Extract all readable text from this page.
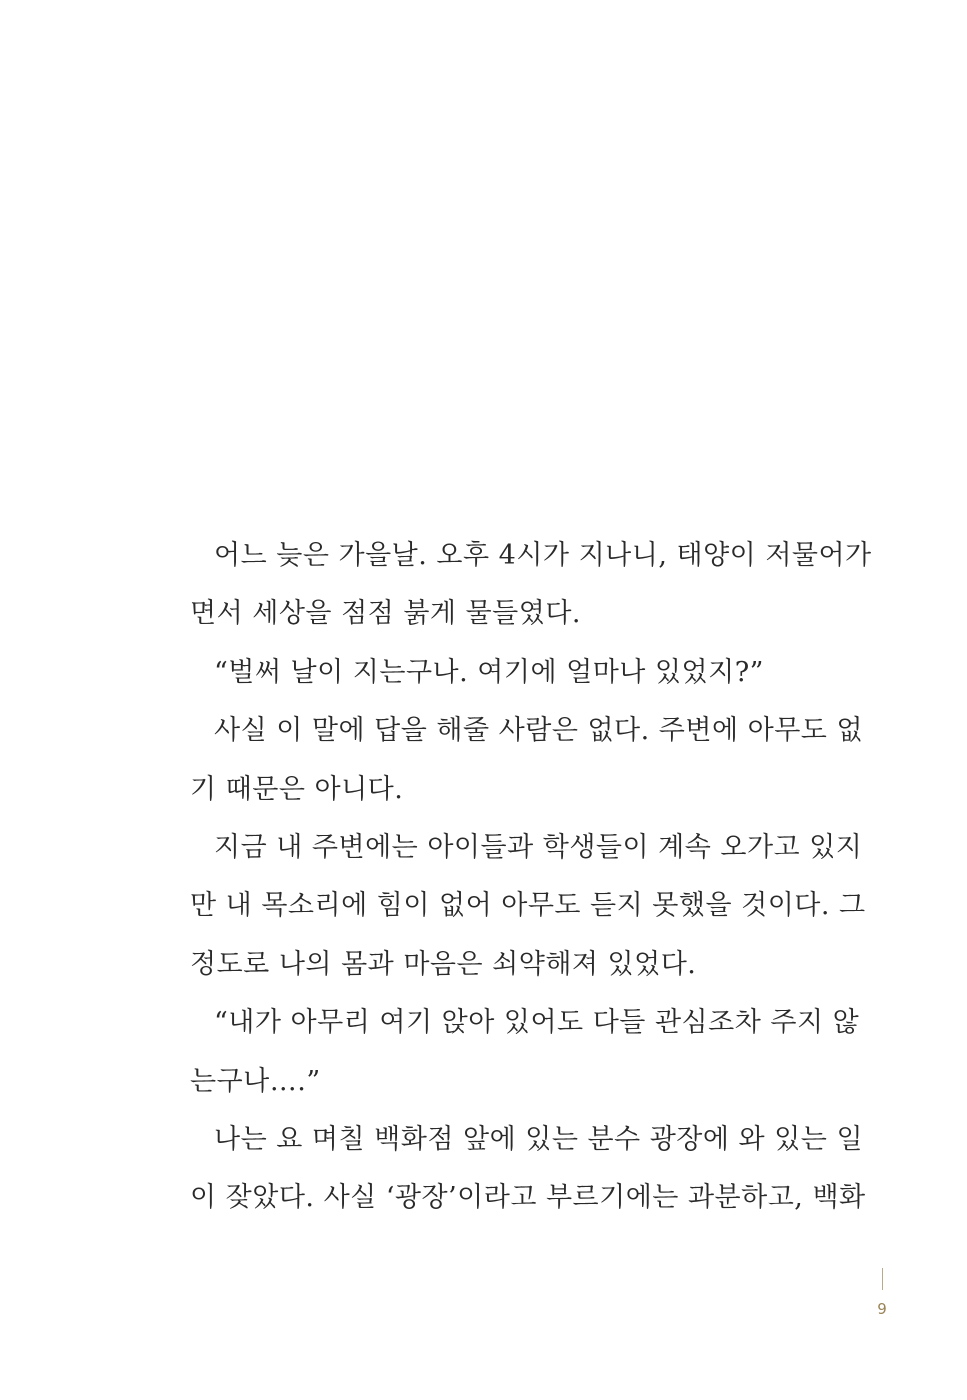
어느 늦은 가을날. 오후 4시가 지나니, 태양이 저물어가
면서 세상을 점점 붉게 물들였다.
“벌써 날이 지는구나. 여기에 얼마나 있었지?”
사실 이 말에 답을 해줄 사람은 없다. 주변에 아무도 없
기 때문은 아니다.
지금 내 주변에는 아이들과 학생들이 계속 오가고 있지
만 내 목소리에 힘이 없어 아무도 듣지 못했을 것이다. 그
정도로 나의 몸과 마음은 쇠약해져 있었다.
“내가 아무리 여기 앉아 있어도 다들 관심조차 주지 않
는구나….”
나는 요 며칠 백화점 앞에 있는 분수 광장에 와 있는 일
이 잦았다. 사실 ‘광장’이라고 부르기에는 과분하고, 백화
9
